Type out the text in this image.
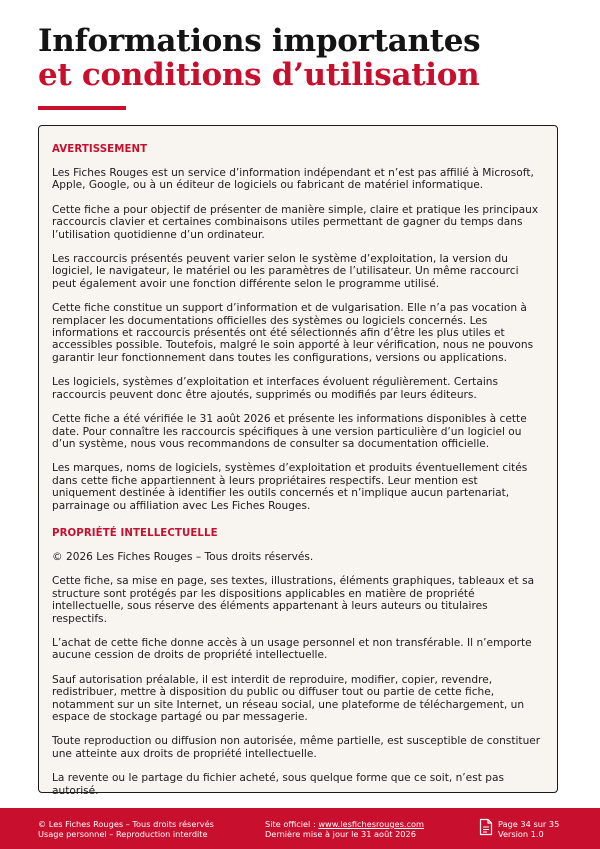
Informations importantes
et conditions d’utilisation
AVERTISSEMENT

Les Fiches Rouges est un service d’information indépendant et n’est pas affilié à Microsoft, Apple, Google, ou à un éditeur de logiciels ou fabricant de matériel informatique.

Cette fiche a pour objectif de présenter de manière simple, claire et pratique les principaux raccourcis clavier et certaines combinaisons utiles permettant de gagner du temps dans l’utilisation quotidienne d’un ordinateur.

Les raccourcis présentés peuvent varier selon le système d’exploitation, la version du logiciel, le navigateur, le matériel ou les paramètres de l’utilisateur. Un même raccourci peut également avoir une fonction différente selon le programme utilisé.

Cette fiche constitue un support d’information et de vulgarisation. Elle n’a pas vocation à remplacer les documentations officielles des systèmes ou logiciels concernés. Les informations et raccourcis présentés ont été sélectionnés afin d’être les plus utiles et accessibles possible. Toutefois, malgré le soin apporté à leur vérification, nous ne pouvons garantir leur fonctionnement dans toutes les configurations, versions ou applications.

Les logiciels, systèmes d’exploitation et interfaces évoluent régulièrement. Certains raccourcis peuvent donc être ajoutés, supprimés ou modifiés par leurs éditeurs.

Cette fiche a été vérifiée le 31 août 2026 et présente les informations disponibles à cette date. Pour connaître les raccourcis spécifiques à une version particulière d’un logiciel ou d’un système, nous vous recommandons de consulter sa documentation officielle.

Les marques, noms de logiciels, systèmes d’exploitation et produits éventuellement cités dans cette fiche appartiennent à leurs propriétaires respectifs. Leur mention est uniquement destinée à identifier les outils concernés et n’implique aucun partenariat, parrainage ou affiliation avec Les Fiches Rouges.

PROPRIÉTÉ INTELLECTUELLE

© 2026 Les Fiches Rouges – Tous droits réservés.

Cette fiche, sa mise en page, ses textes, illustrations, éléments graphiques, tableaux et sa structure sont protégés par les dispositions applicables en matière de propriété intellectuelle, sous réserve des éléments appartenant à leurs auteurs ou titulaires respectifs.

L’achat de cette fiche donne accès à un usage personnel et non transférable. Il n’emporte aucune cession de droits de propriété intellectuelle.

Sauf autorisation préalable, il est interdit de reproduire, modifier, copier, revendre, redistribuer, mettre à disposition du public ou diffuser tout ou partie de cette fiche, notamment sur un site Internet, un réseau social, une plateforme de téléchargement, un espace de stockage partagé ou par messagerie.

Toute reproduction ou diffusion non autorisée, même partielle, est susceptible de constituer une atteinte aux droits de propriété intellectuelle.

La revente ou le partage du fichier acheté, sous quelque forme que ce soit, n’est pas autorisé.

© Les Fiches Rouges – Tous droits réservés
Usage personnel – Reproduction interdite
Site officiel : www.lesfichesrouges.com
Dernière mise à jour le 31 août 2026
Page 34 sur 35
Version 1.0
